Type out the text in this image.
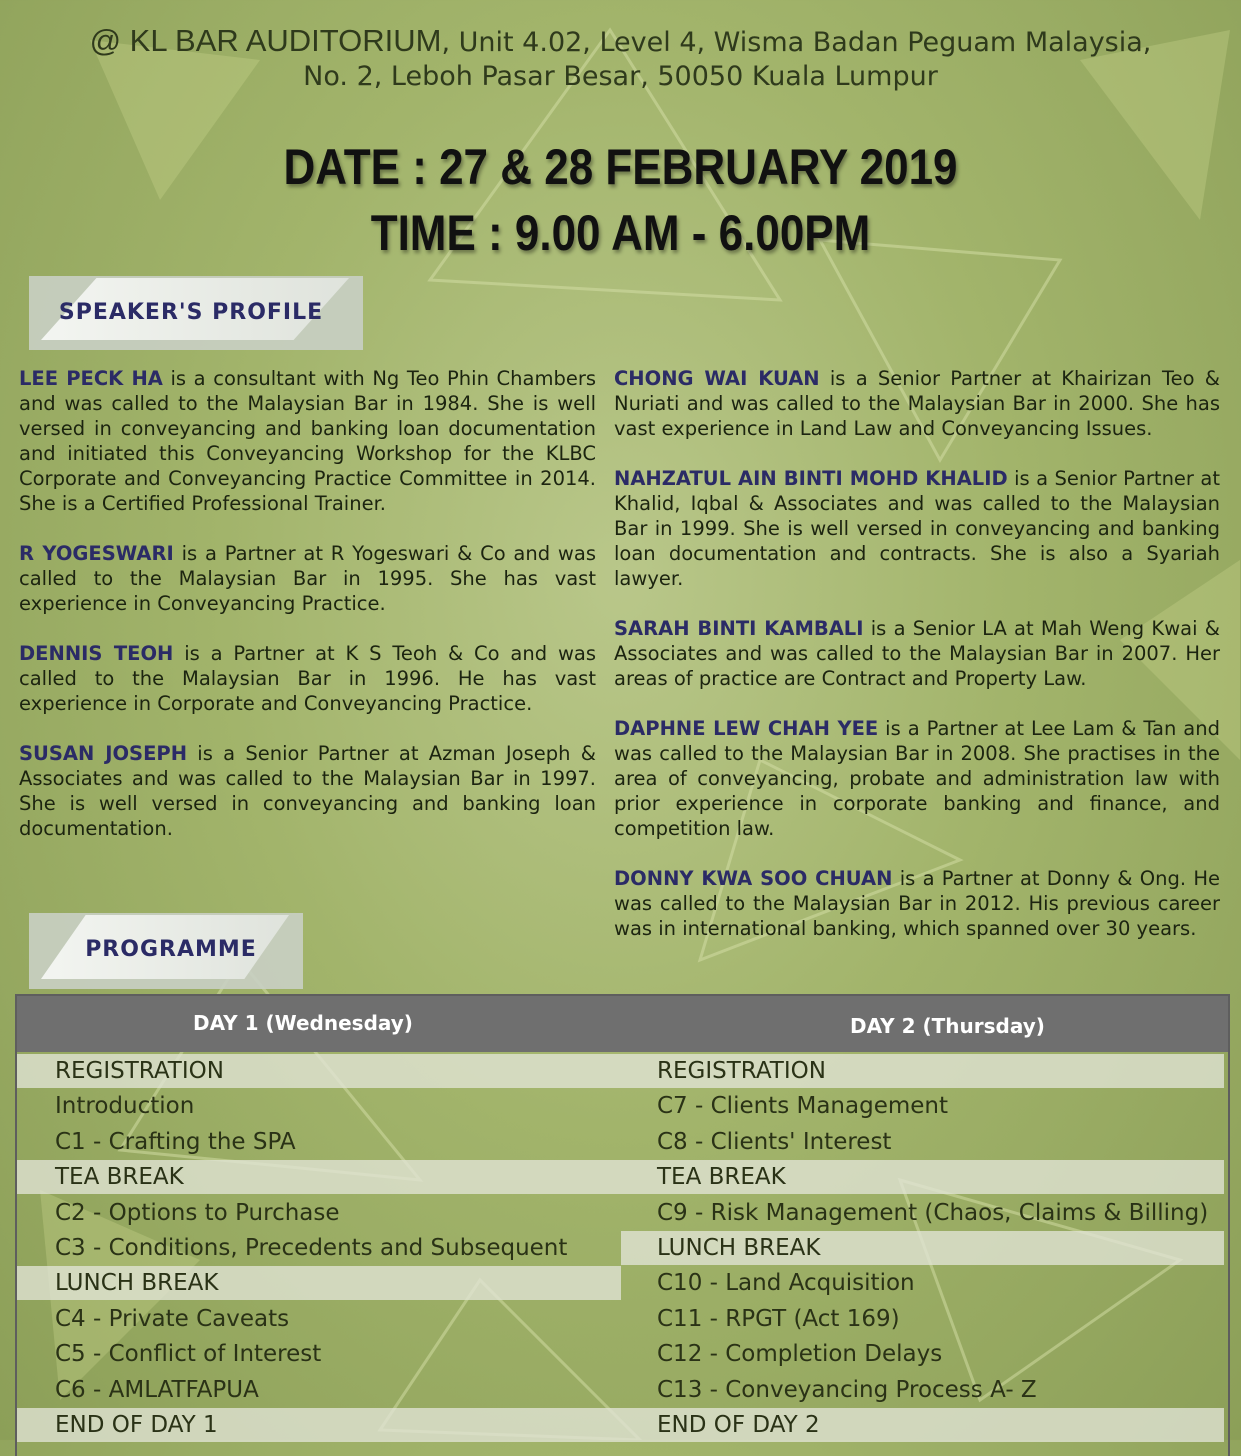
@ KL BAR AUDITORIUM, Unit 4.02, Level 4, Wisma Badan Peguam Malaysia,
No. 2, Leboh Pasar Besar, 50050 Kuala Lumpur
DATE : 27 & 28 FEBRUARY 2019
TIME : 9.00 AM - 6.00PM
SPEAKER'S PROFILE

LEE PECK HA is a consultant with Ng Teo Phin Chambers and was called to the Malaysian Bar in 1984. She is well versed in conveyancing and banking loan documentation and initiated this Conveyancing Workshop for the KLBC Corporate and Conveyancing Practice Committee in 2014. She is a Certified Professional Trainer.

R YOGESWARI is a Partner at R Yogeswari & Co and was called to the Malaysian Bar in 1995. She has vast experience in Conveyancing Practice.

DENNIS TEOH is a Partner at K S Teoh & Co and was called to the Malaysian Bar in 1996. He has vast experience in Corporate and Conveyancing Practice.

SUSAN JOSEPH is a Senior Partner at Azman Joseph & Associates and was called to the Malaysian Bar in 1997. She is well versed in conveyancing and banking loan documentation.

CHONG WAI KUAN is a Senior Partner at Khairizan Teo & Nuriati and was called to the Malaysian Bar in 2000. She has vast experience in Land Law and Conveyancing Issues.

NAHZATUL AIN BINTI MOHD KHALID is a Senior Partner at Khalid, Iqbal & Associates and was called to the Malaysian Bar in 1999. She is well versed in conveyancing and banking loan documentation and contracts. She is also a Syariah lawyer.

SARAH BINTI KAMBALI is a Senior LA at Mah Weng Kwai & Associates and was called to the Malaysian Bar in 2007. Her areas of practice are Contract and Property Law.

DAPHNE LEW CHAH YEE is a Partner at Lee Lam & Tan and was called to the Malaysian Bar in 2008. She practises in the area of conveyancing, probate and administration law with prior experience in corporate banking and finance, and competition law.

DONNY KWA SOO CHUAN is a Partner at Donny & Ong. He was called to the Malaysian Bar in 2012. His previous career was in international banking, which spanned over 30 years.

PROGRAMME
DAY 1 (Wednesday)	DAY 2 (Thursday)
REGISTRATION
Introduction
C1 - Crafting the SPA
TEA BREAK
C2 - Options to Purchase
C3 - Conditions, Precedents and Subsequent
LUNCH BREAK
C4 - Private Caveats
C5 - Conflict of Interest
C6 - AMLATFAPUA
END OF DAY 1
REGISTRATION
C7 - Clients Management
C8 - Clients' Interest
TEA BREAK
C9 - Risk Management (Chaos, Claims & Billing)
LUNCH BREAK
C10 - Land Acquisition
C11 - RPGT (Act 169)
C12 - Completion Delays
C13 - Conveyancing Process A- Z
END OF DAY 2
